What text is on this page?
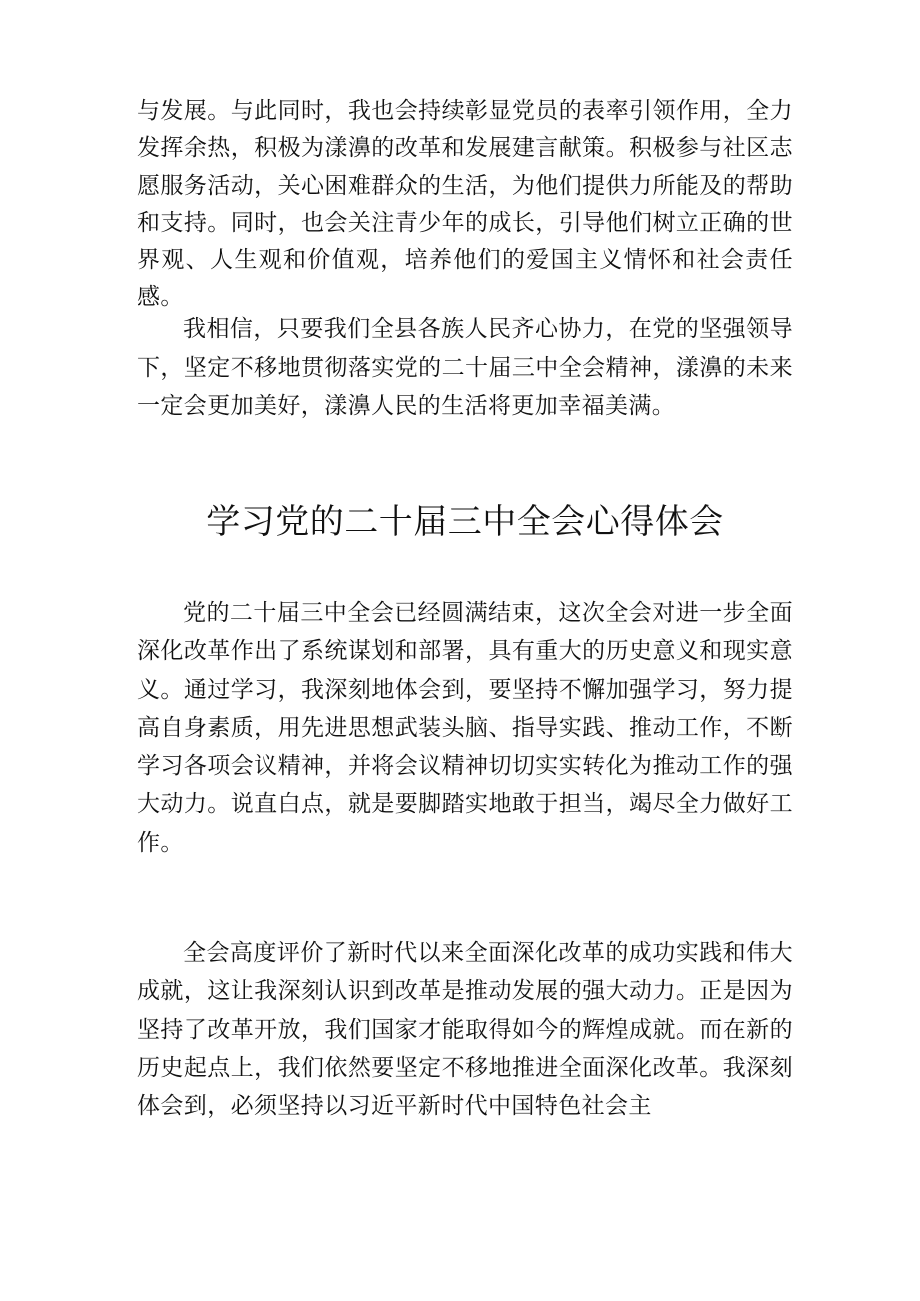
与发展。与此同时，我也会持续彰显党员的表率引领作用，全力发挥余热，积极为漾濞的改革和发展建言献策。积极参与社区志愿服务活动，关心困难群众的生活，为他们提供力所能及的帮助和支持。同时，也会关注青少年的成长，引导他们树立正确的世界观、人生观和价值观，培养他们的爱国主义情怀和社会责任感。

我相信，只要我们全县各族人民齐心协力，在党的坚强领导下，坚定不移地贯彻落实党的二十届三中全会精神，漾濞的未来一定会更加美好，漾濞人民的生活将更加幸福美满。

学习党的二十届三中全会心得体会

党的二十届三中全会已经圆满结束，这次全会对进一步全面深化改革作出了系统谋划和部署，具有重大的历史意义和现实意义。通过学习，我深刻地体会到，要坚持不懈加强学习，努力提高自身素质，用先进思想武装头脑、指导实践、推动工作，不断学习各项会议精神，并将会议精神切切实实转化为推动工作的强大动力。说直白点，就是要脚踏实地敢于担当，竭尽全力做好工作。

全会高度评价了新时代以来全面深化改革的成功实践和伟大成就，这让我深刻认识到改革是推动发展的强大动力。正是因为坚持了改革开放，我们国家才能取得如今的辉煌成就。而在新的历史起点上，我们依然要坚定不移地推进全面深化改革。我深刻体会到，必须坚持以习近平新时代中国特色社会主
